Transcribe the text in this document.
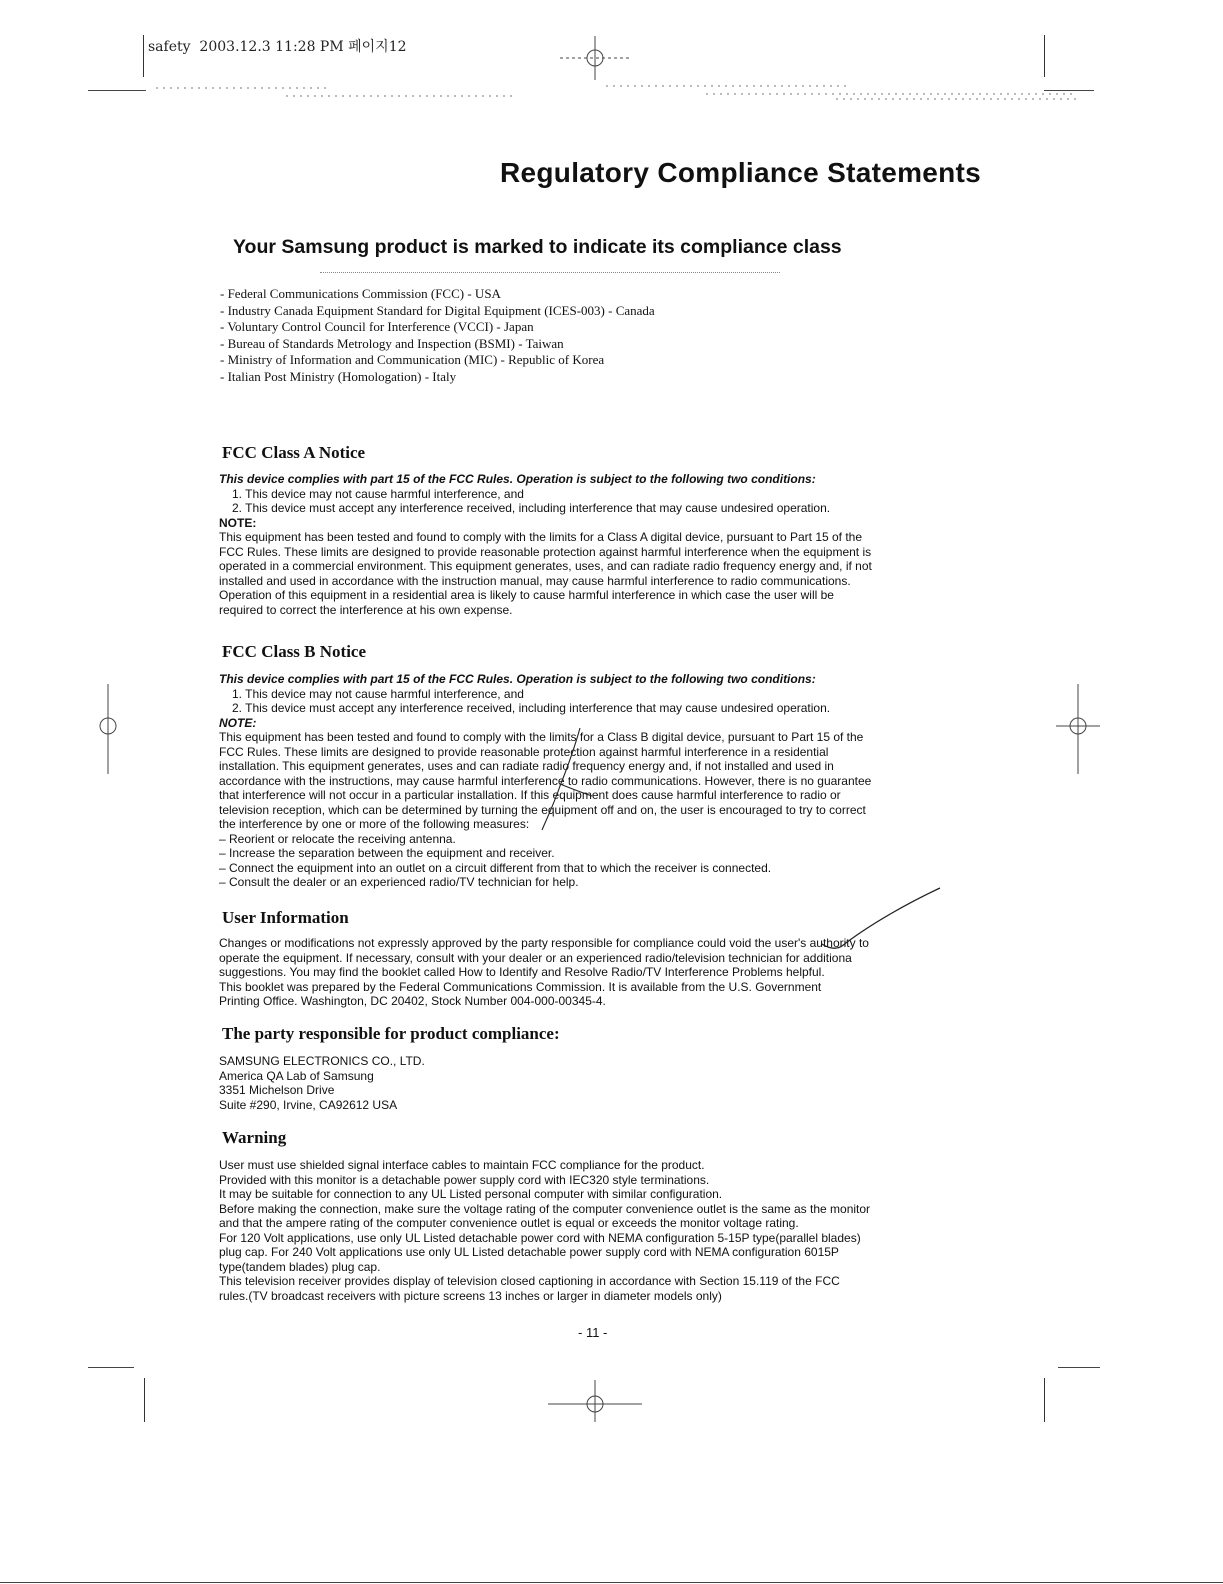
safety  2003.12.3 11:28 PM 페이지12
Regulatory Compliance Statements
Your Samsung product is marked to indicate its compliance class
- Federal Communications Commission (FCC) - USA
- Industry Canada Equipment Standard for Digital Equipment (ICES-003) - Canada
- Voluntary Control Council for Interference (VCCI) - Japan
- Bureau of Standards Metrology and Inspection (BSMI) - Taiwan
- Ministry of Information and Communication (MIC) - Republic of Korea
- Italian Post Ministry (Homologation) - Italy
FCC Class A Notice

This device complies with part 15 of the FCC Rules. Operation is subject to the following two conditions:

1. This device may not cause harmful interference, and

2. This device must accept any interference received, including interference that may cause undesired operation.

NOTE:

This equipment has been tested and found to comply with the limits for a Class A digital device, pursuant to Part 15 of the

FCC Rules. These limits are designed to provide reasonable protection against harmful interference when the equipment is

operated in a commercial environment. This equipment generates, uses, and can radiate radio frequency energy and, if not

installed and used in accordance with the instruction manual, may cause harmful interference to radio communications.

Operation of this equipment in a residential area is likely to cause harmful interference in which case the user will be

required to correct the interference at his own expense.

FCC Class B Notice

This device complies with part 15 of the FCC Rules. Operation is subject to the following two conditions:

1. This device may not cause harmful interference, and

2. This device must accept any interference received, including interference that may cause undesired operation.

NOTE:

This equipment has been tested and found to comply with the limits for a Class B digital device, pursuant to Part 15 of the

FCC Rules. These limits are designed to provide reasonable protection against harmful interference in a residential

installation. This equipment generates, uses and can radiate radio frequency energy and, if not installed and used in

accordance with the instructions, may cause harmful interference to radio communications. However, there is no guarantee

that interference will not occur in a particular installation. If this equipment does cause harmful interference to radio or

television reception, which can be determined by turning the equipment off and on, the user is encouraged to try to correct

the interference by one or more of the following measures:

– Reorient or relocate the receiving antenna.

– Increase the separation between the equipment and receiver.

– Connect the equipment into an outlet on a circuit different from that to which the receiver is connected.

– Consult the dealer or an experienced radio/TV technician for help.

User Information

Changes or modifications not expressly approved by the party responsible for compliance could void the user's authority to

operate the equipment. If necessary, consult with your dealer or an experienced radio/television technician for additiona

suggestions. You may find the booklet called How to Identify and Resolve Radio/TV Interference Problems helpful.

This booklet was prepared by the Federal Communications Commission. It is available from the U.S. Government

Printing Office. Washington, DC 20402, Stock Number 004-000-00345-4.

The party responsible for product compliance:

SAMSUNG ELECTRONICS CO., LTD.

America QA Lab of Samsung

3351 Michelson Drive

Suite #290, Irvine, CA92612 USA

Warning

User must use shielded signal interface cables to maintain FCC compliance for the product.

Provided with this monitor is a detachable power supply cord with IEC320 style terminations.

It may be suitable for connection to any UL Listed personal computer with similar configuration.

Before making the connection, make sure the voltage rating of the computer convenience outlet is the same as the monitor

and that the ampere rating of the computer convenience outlet is equal or exceeds the monitor voltage rating.

For 120 Volt applications, use only UL Listed detachable power cord with NEMA configuration 5-15P type(parallel blades)

plug cap. For 240 Volt applications use only UL Listed detachable power supply cord with NEMA configuration 6015P

type(tandem blades) plug cap.

This television receiver provides display of television closed captioning in accordance with Section 15.119 of the FCC

rules.(TV broadcast receivers with picture screens 13 inches or larger in diameter models only)

- 11 -
